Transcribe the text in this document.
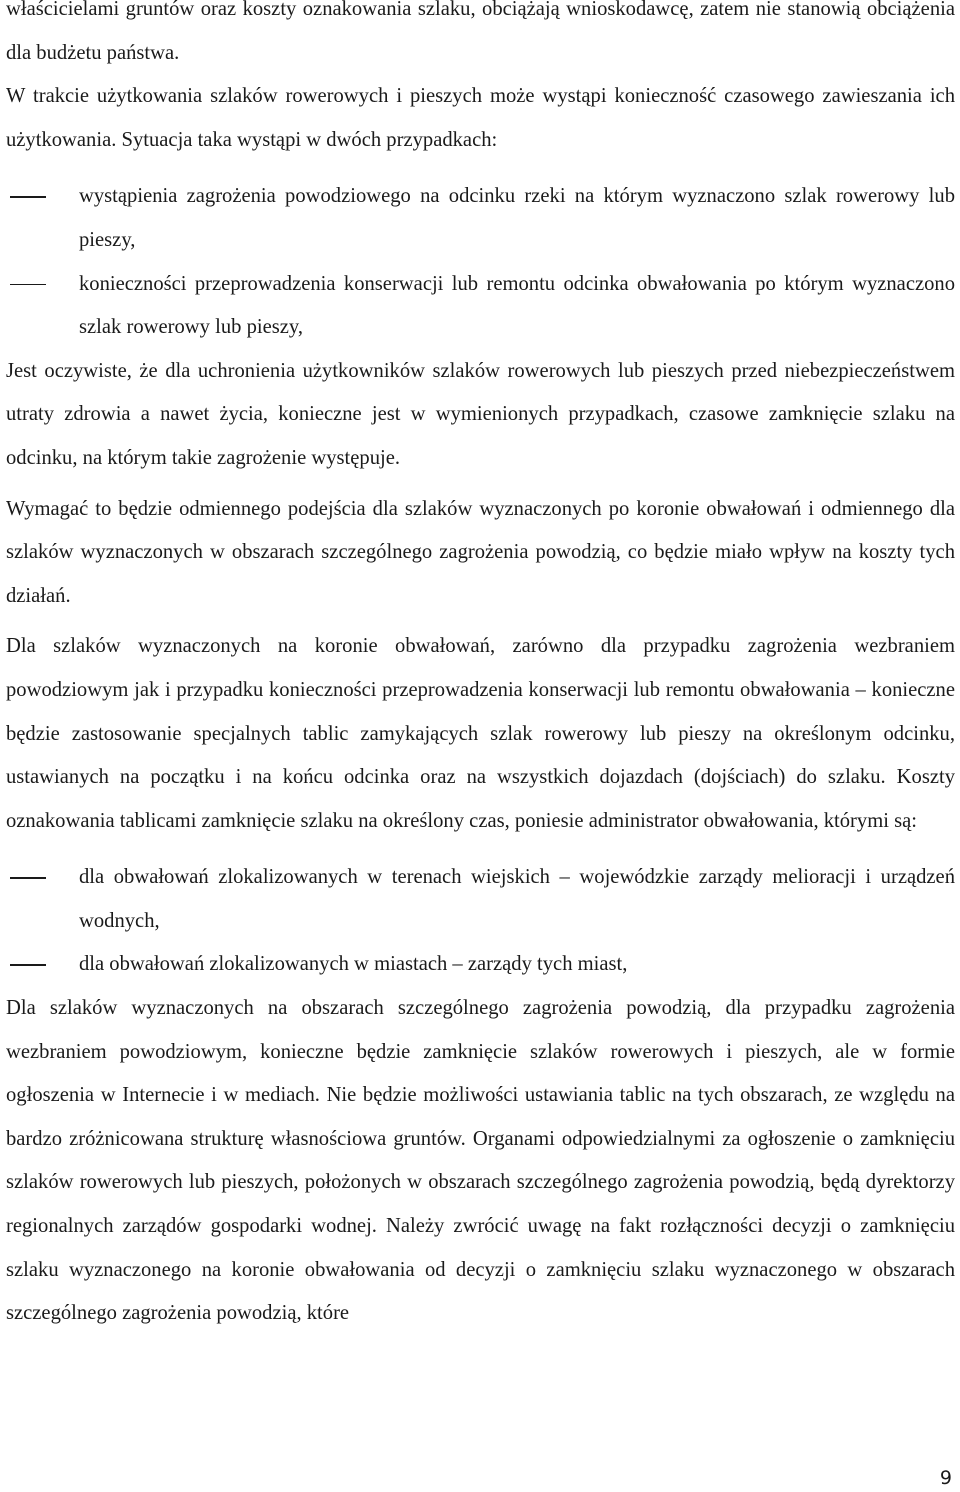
właścicielami gruntów oraz koszty oznakowania szlaku, obciążają wnioskodawcę, zatem nie stanowią obciążenia dla budżetu państwa.

W trakcie użytkowania szlaków rowerowych i pieszych może wystąpi konieczność czasowego zawieszania ich użytkowania. Sytuacja taka wystąpi w dwóch przypadkach:

wystąpienia zagrożenia powodziowego na odcinku rzeki na którym wyznaczono szlak rowerowy lub pieszy,
konieczności przeprowadzenia konserwacji lub remontu odcinka obwałowania po którym wyznaczono szlak rowerowy lub pieszy,

Jest oczywiste, że dla uchronienia użytkowników szlaków rowerowych lub pieszych przed niebezpieczeństwem utraty zdrowia a nawet życia, konieczne jest w wymienionych przypadkach, czasowe zamknięcie szlaku na odcinku, na którym takie zagrożenie występuje.

Wymagać to będzie odmiennego podejścia dla szlaków wyznaczonych po koronie obwałowań i odmiennego dla szlaków wyznaczonych w obszarach szczególnego zagrożenia powodzią, co będzie miało wpływ na koszty tych działań.

Dla szlaków wyznaczonych na koronie obwałowań, zarówno dla przypadku zagrożenia wezbraniem powodziowym jak i przypadku konieczności przeprowadzenia konserwacji lub remontu obwałowania – konieczne będzie zastosowanie specjalnych tablic zamykających szlak rowerowy lub pieszy na określonym odcinku, ustawianych na początku i na końcu odcinka oraz na wszystkich dojazdach (dojściach) do szlaku. Koszty oznakowania tablicami zamknięcie szlaku na określony czas, poniesie administrator obwałowania, którymi są:

dla obwałowań zlokalizowanych w terenach wiejskich – wojewódzkie zarządy melioracji i urządzeń wodnych,
dla obwałowań zlokalizowanych w miastach – zarządy tych miast,

Dla szlaków wyznaczonych na obszarach szczególnego zagrożenia powodzią, dla przypadku zagrożenia wezbraniem powodziowym, konieczne będzie zamknięcie szlaków rowerowych i pieszych, ale w formie ogłoszenia w Internecie i w mediach. Nie będzie możliwości ustawiania tablic na tych obszarach, ze względu na bardzo zróżnicowana strukturę własnościowa gruntów. Organami odpowiedzialnymi za ogłoszenie o zamknięciu szlaków rowerowych lub pieszych, położonych w obszarach szczególnego zagrożenia powodzią, będą dyrektorzy regionalnych zarządów gospodarki wodnej. Należy zwrócić uwagę na fakt rozłączności decyzji o zamknięciu szlaku wyznaczonego na koronie obwałowania od decyzji o zamknięciu szlaku wyznaczonego w obszarach szczególnego zagrożenia powodzią, które

9
